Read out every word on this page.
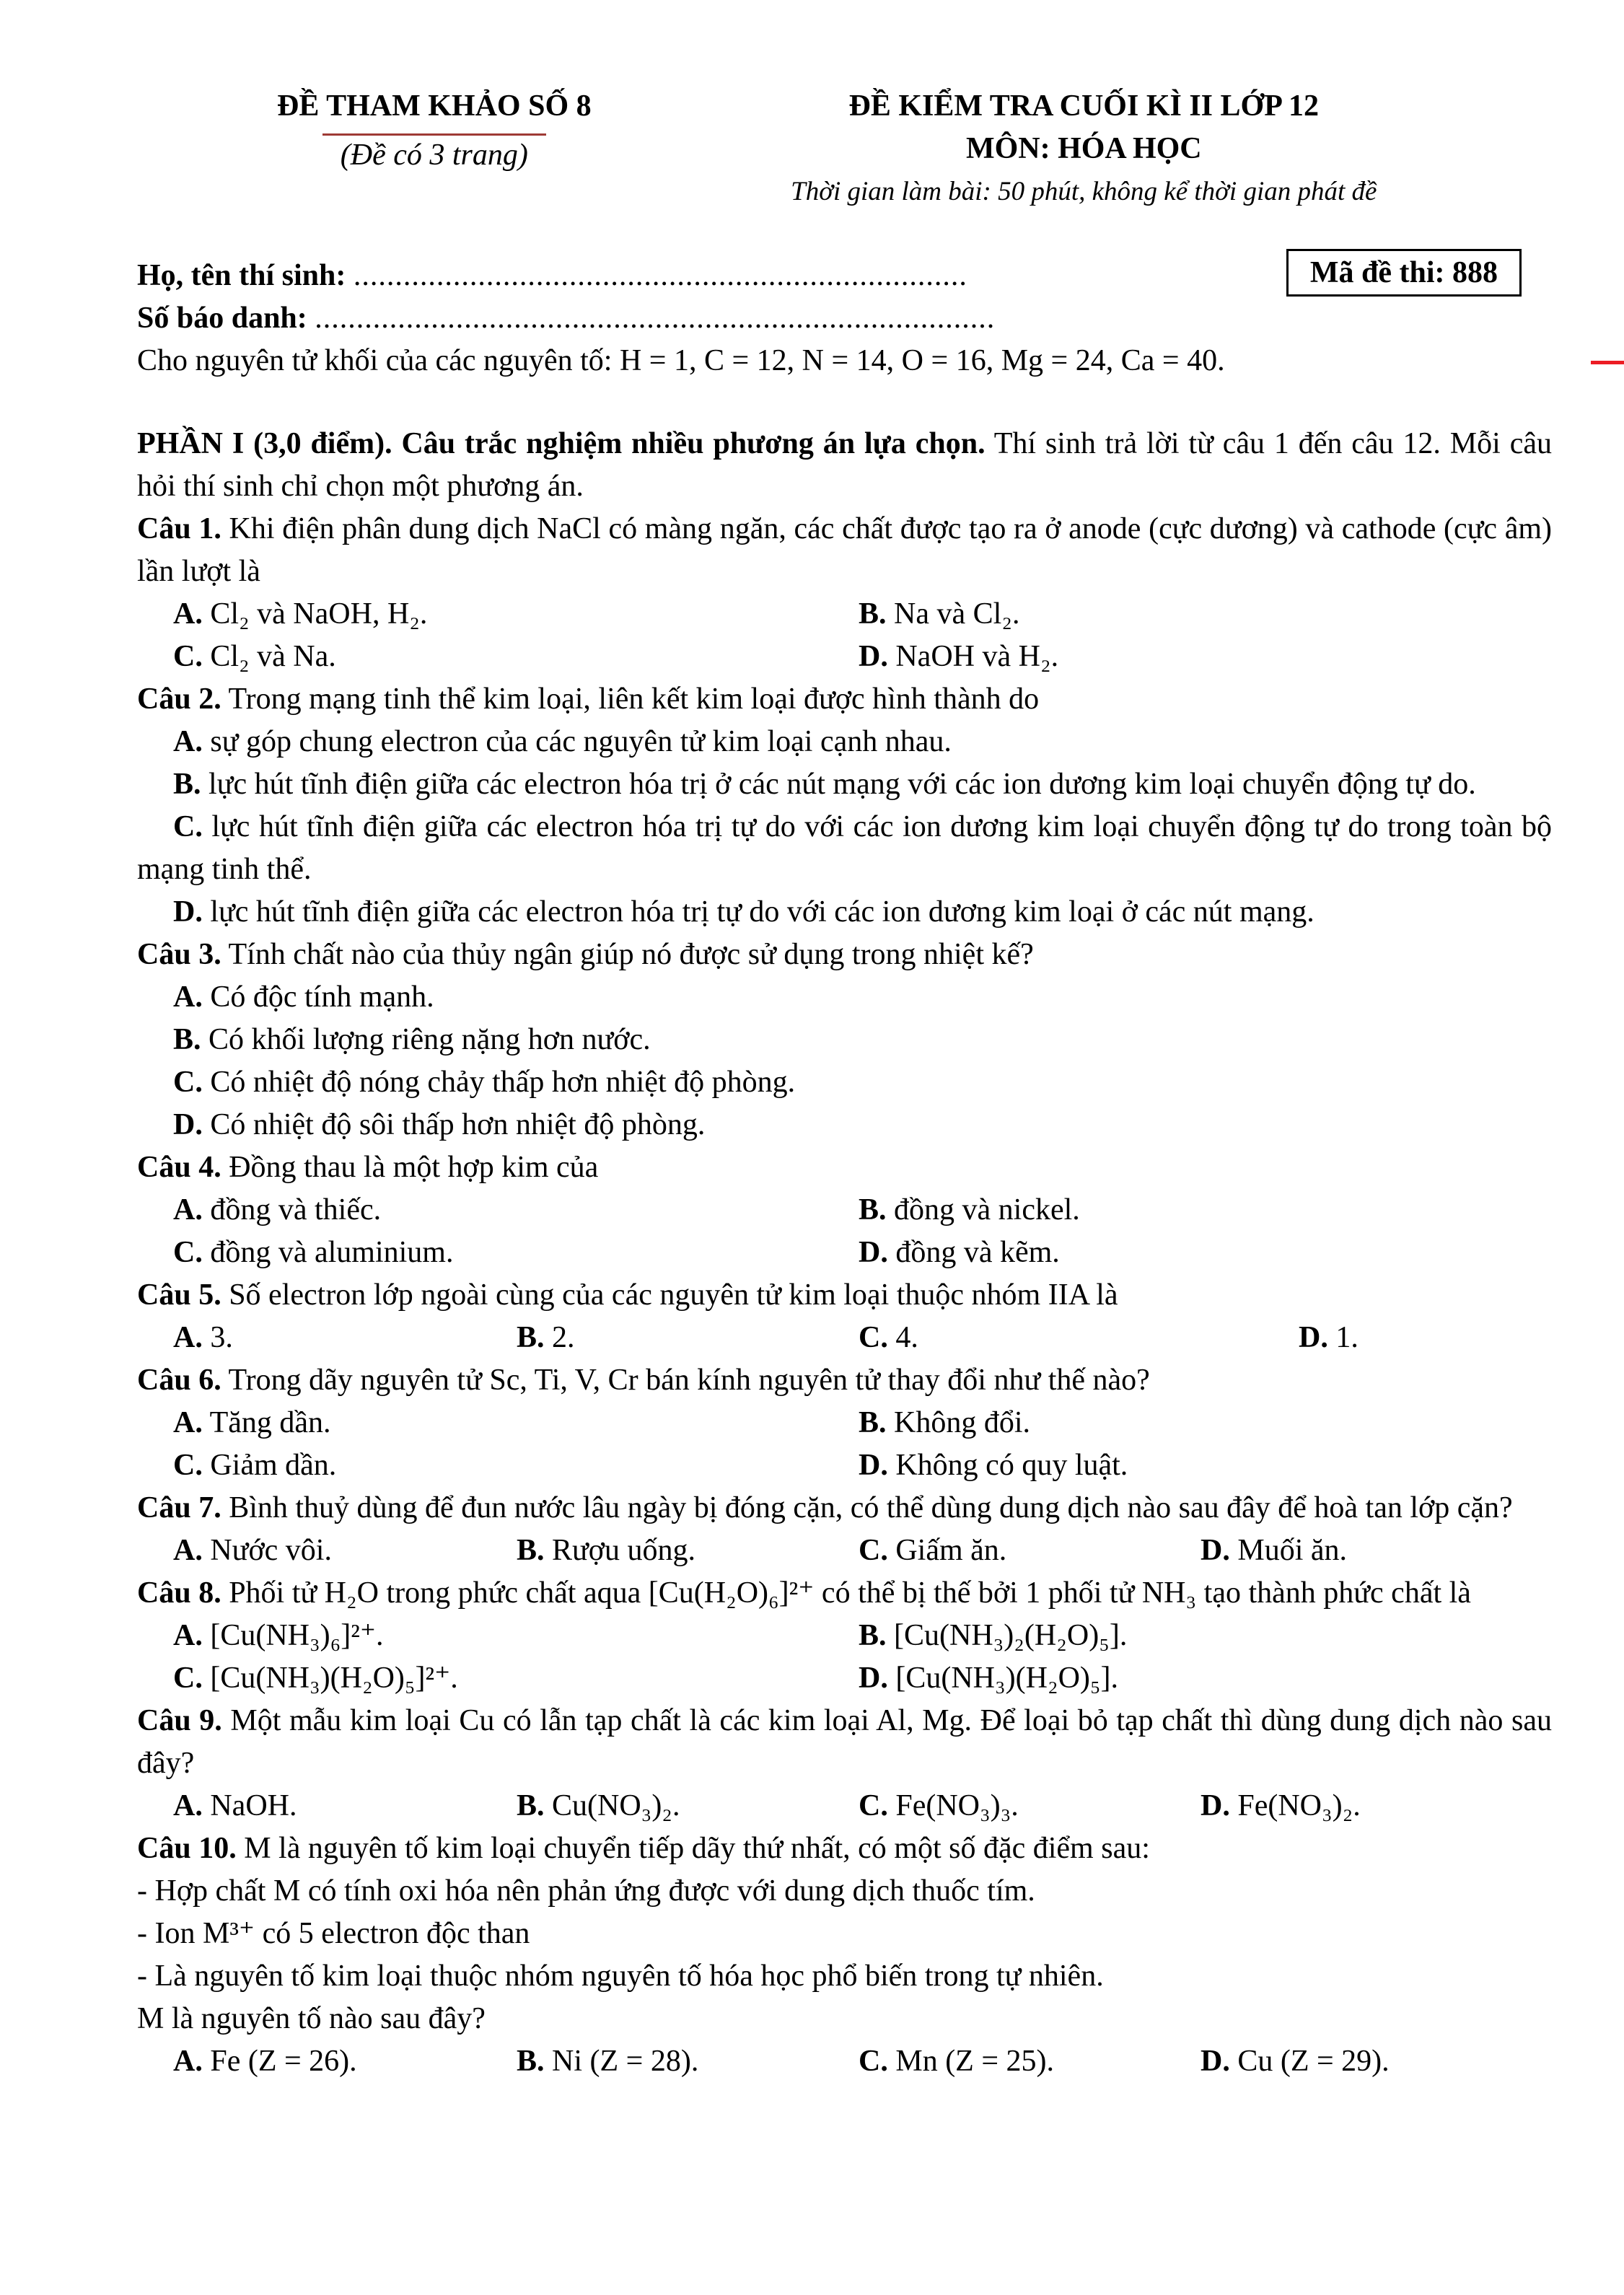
ĐỀ THAM KHẢO SỐ 8
(Đề có 3 trang)
ĐỀ KIỂM TRA CUỐI KÌ II LỚP 12
MÔN: HÓA HỌC
Thời gian làm bài: 50 phút, không kể thời gian phát đề
Mã đề thi: 888
Họ, tên thí sinh: ..........................................................................
Số báo danh: ..................................................................................
Cho nguyên tử khối của các nguyên tố: H = 1, C = 12, N = 14, O = 16, Mg = 24, Ca = 40.

PHẦN I (3,0 điểm). Câu trắc nghiệm nhiều phương án lựa chọn. Thí sinh trả lời từ câu 1 đến câu 12. Mỗi câu hỏi thí sinh chỉ chọn một phương án.

Câu 1. Khi điện phân dung dịch NaCl có màng ngăn, các chất được tạo ra ở anode (cực dương) và cathode (cực âm) lần lượt là

A. Cl₂ và NaOH, H₂.	B. Na và Cl₂.
C. Cl₂ và Na.	D. NaOH và H₂.

Câu 2. Trong mạng tinh thể kim loại, liên kết kim loại được hình thành do

A. sự góp chung electron của các nguyên tử kim loại cạnh nhau.

B. lực hút tĩnh điện giữa các electron hóa trị ở các nút mạng với các ion dương kim loại chuyển động tự do.

C. lực hút tĩnh điện giữa các electron hóa trị tự do với các ion dương kim loại chuyển động tự do trong toàn bộ mạng tinh thể.

D. lực hút tĩnh điện giữa các electron hóa trị tự do với các ion dương kim loại ở các nút mạng.

Câu 3. Tính chất nào của thủy ngân giúp nó được sử dụng trong nhiệt kế?

A. Có độc tính mạnh.

B. Có khối lượng riêng nặng hơn nước.

C. Có nhiệt độ nóng chảy thấp hơn nhiệt độ phòng.

D. Có nhiệt độ sôi thấp hơn nhiệt độ phòng.

Câu 4. Đồng thau là một hợp kim của

A. đồng và thiếc.	B. đồng và nickel.
C. đồng và aluminium.	D. đồng và kẽm.

Câu 5. Số electron lớp ngoài cùng của các nguyên tử kim loại thuộc nhóm IIA là

A. 3.	B. 2.	C. 4.	D. 1.

Câu 6. Trong dãy nguyên tử Sc, Ti, V, Cr bán kính nguyên tử thay đổi như thế nào?

A. Tăng dần.	B. Không đổi.
C. Giảm dần.	D. Không có quy luật.

Câu 7. Bình thuỷ dùng để đun nước lâu ngày bị đóng cặn, có thể dùng dung dịch nào sau đây để hoà tan lớp cặn?

A. Nước vôi.	B. Rượu uống.	C. Giấm ăn.	D. Muối ăn.

Câu 8. Phối tử H₂O trong phức chất aqua [Cu(H₂O)₆]²⁺ có thể bị thế bởi 1 phối tử NH₃ tạo thành phức chất là

A. [Cu(NH₃)₆]²⁺.	B. [Cu(NH₃)₂(H₂O)₅].
C. [Cu(NH₃)(H₂O)₅]²⁺.	D. [Cu(NH₃)(H₂O)₅].

Câu 9. Một mẫu kim loại Cu có lẫn tạp chất là các kim loại Al, Mg. Để loại bỏ tạp chất thì dùng dung dịch nào sau đây?

A. NaOH.	B. Cu(NO₃)₂.	C. Fe(NO₃)₃.	D. Fe(NO₃)₂.

Câu 10. M là nguyên tố kim loại chuyển tiếp dãy thứ nhất, có một số đặc điểm sau:

- Hợp chất M có tính oxi hóa nên phản ứng được với dung dịch thuốc tím.

- Ion M³⁺ có 5 electron độc than

- Là nguyên tố kim loại thuộc nhóm nguyên tố hóa học phổ biến trong tự nhiên.

M là nguyên tố nào sau đây?

A. Fe (Z = 26).	B. Ni (Z = 28).	C. Mn (Z = 25).	D. Cu (Z = 29).
